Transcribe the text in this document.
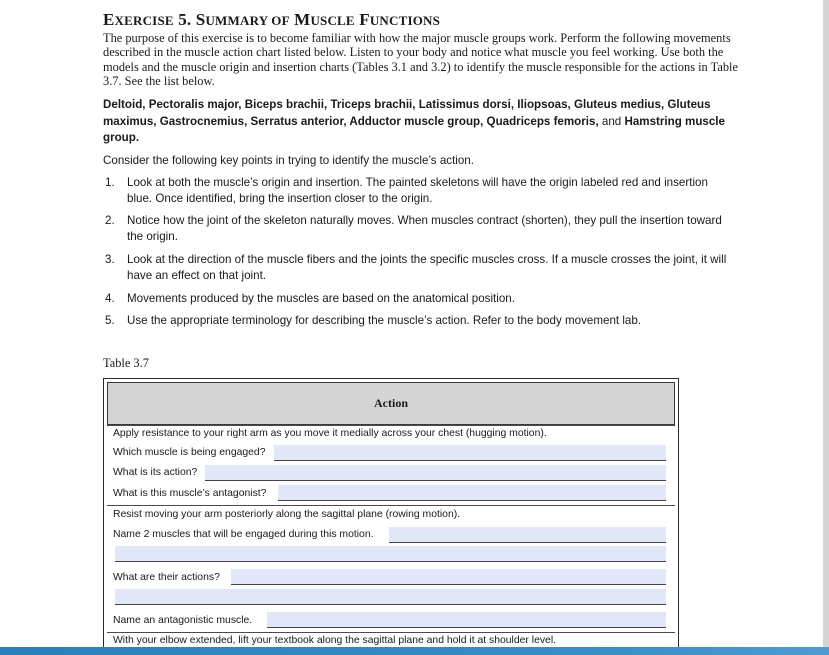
EXERCISE 5. SUMMARY OF MUSCLE FUNCTIONS

The purpose of this exercise is to become familiar with how the major muscle groups work. Perform the following movements described in the muscle action chart listed below. Listen to your body and notice what muscle you feel working. Use both the models and the muscle origin and insertion charts (Tables 3.1 and 3.2) to identify the muscle responsible for the actions in Table 3.7. See the list below.

Deltoid, Pectoralis major, Biceps brachii, Triceps brachii, Latissimus dorsi, Iliopsoas, Gluteus medius, Gluteus maximus, Gastrocnemius, Serratus anterior, Adductor muscle group, Quadriceps femoris, and Hamstring muscle group.

Consider the following key points in trying to identify the muscle’s action.

1. Look at both the muscle’s origin and insertion. The painted skeletons will have the origin labeled red and insertion blue. Once identified, bring the insertion closer to the origin.
2. Notice how the joint of the skeleton naturally moves. When muscles contract (shorten), they pull the insertion toward the origin.
3. Look at the direction of the muscle fibers and the joints the specific muscles cross. If a muscle crosses the joint, it will have an effect on that joint.
4. Movements produced by the muscles are based on the anatomical position.
5. Use the appropriate terminology for describing the muscle’s action. Refer to the body movement lab.
Table 3.7
Action
Apply resistance to your right arm as you move it medially across your chest (hugging motion).
Which muscle is being engaged?
What is its action?
What is this muscle’s antagonist?
Resist moving your arm posteriorly along the sagittal plane (rowing motion).
Name 2 muscles that will be engaged during this motion.
What are their actions?
Name an antagonistic muscle.
With your elbow extended, lift your textbook along the sagittal plane and hold it at shoulder level.
